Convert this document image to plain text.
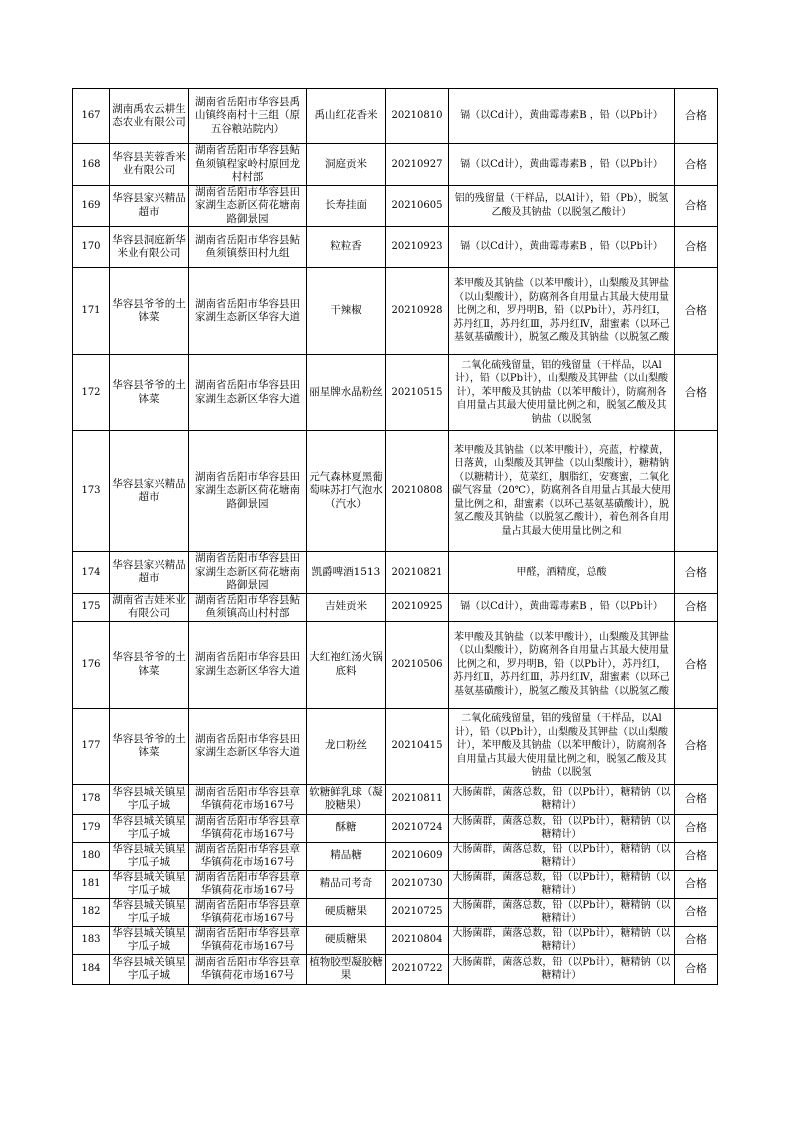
167	湖南禹农云耕生态农业有限公司	湖南省岳阳市华容县禹山镇终南村十三组（原五谷粮站院内）	禹山红花香米	20210810	镉（以Cd计），黄曲霉毒素B ，铅（以Pb计）	合格
168	华容县芙蓉香米业有限公司	湖南省岳阳市华容县鲇鱼须镇程家岭村原回龙村村部	洞庭贡米	20210927	镉（以Cd计），黄曲霉毒素B ，铅（以Pb计）	合格
169	华容县家兴精品超市	湖南省岳阳市华容县田家湖生态新区荷花塘南路御景园	长寿挂面	20210605	铝的残留量（干样品，以Al计），铅（Pb），脱氢乙酸及其钠盐（以脱氢乙酸计）	合格
170	华容县洞庭新华米业有限公司	湖南省岳阳市华容县鲇鱼须镇蔡田村九组	粒粒香	20210923	镉（以Cd计），黄曲霉毒素B ，铅（以Pb计）	合格
171	华容县爷爷的土钵菜	湖南省岳阳市华容县田家湖生态新区华容大道	干辣椒	20210928	苯甲酸及其钠盐（以苯甲酸计），山梨酸及其钾盐（以山梨酸计），防腐剂各自用量占其最大使用量比例之和，罗丹明B，铅（以Pb计），苏丹红Ⅰ，苏丹红Ⅱ，苏丹红Ⅲ，苏丹红Ⅳ，甜蜜素（以环己基氨基磺酸计），脱氢乙酸及其钠盐（以脱氢乙酸	合格
172	华容县爷爷的土钵菜	湖南省岳阳市华容县田家湖生态新区华容大道	丽星牌水晶粉丝	20210515	二氧化硫残留量，铝的残留量（干样品，以Al计），铅（以Pb计），山梨酸及其钾盐（以山梨酸计），苯甲酸及其钠盐（以苯甲酸计），防腐剂各自用量占其最大使用量比例之和，脱氢乙酸及其钠盐（以脱氢	合格
173	华容县家兴精品超市	湖南省岳阳市华容县田家湖生态新区荷花塘南路御景园	元气森林夏黑葡萄味苏打气泡水（汽水）	20210808	苯甲酸及其钠盐（以苯甲酸计），亮蓝，柠檬黄，日落黄，山梨酸及其钾盐（以山梨酸计），糖精钠（以糖精计），苋菜红，胭脂红，安赛蜜，二氧化碳气容量（20℃），防腐剂各自用量占其最大使用量比例之和，甜蜜素（以环己基氨基磺酸计），脱氢乙酸及其钠盐（以脱氢乙酸计），着色剂各自用量占其最大使用量比例之和	
174	华容县家兴精品超市	湖南省岳阳市华容县田家湖生态新区荷花塘南路御景园	凯爵啤酒1513	20210821	甲醛，酒精度，总酸	合格
175	湖南省吉娃米业有限公司	湖南省岳阳市华容县鲇鱼须镇高山村村部	吉娃贡米	20210925	镉（以Cd计），黄曲霉毒素B ，铅（以Pb计）	合格
176	华容县爷爷的土钵菜	湖南省岳阳市华容县田家湖生态新区华容大道	大红袍红汤火锅底料	20210506	苯甲酸及其钠盐（以苯甲酸计），山梨酸及其钾盐（以山梨酸计），防腐剂各自用量占其最大使用量比例之和，罗丹明B，铅（以Pb计），苏丹红Ⅰ，苏丹红Ⅱ，苏丹红Ⅲ，苏丹红Ⅳ，甜蜜素（以环己基氨基磺酸计），脱氢乙酸及其钠盐（以脱氢乙酸	合格
177	华容县爷爷的土钵菜	湖南省岳阳市华容县田家湖生态新区华容大道	龙口粉丝	20210415	二氧化硫残留量，铝的残留量（干样品，以Al计），铅（以Pb计），山梨酸及其钾盐（以山梨酸计），苯甲酸及其钠盐（以苯甲酸计），防腐剂各自用量占其最大使用量比例之和，脱氢乙酸及其钠盐（以脱氢	合格
178	华容县城关镇星宇瓜子城	湖南省岳阳市华容县章华镇荷花市场167号	软糖鲜乳球（凝胶糖果）	20210811	大肠菌群，菌落总数，铅（以Pb计），糖精钠（以糖精计）	合格
179	华容县城关镇星宇瓜子城	湖南省岳阳市华容县章华镇荷花市场167号	酥糖	20210724	大肠菌群，菌落总数，铅（以Pb计），糖精钠（以糖精计）	合格
180	华容县城关镇星宇瓜子城	湖南省岳阳市华容县章华镇荷花市场167号	精品糖	20210609	大肠菌群，菌落总数，铅（以Pb计），糖精钠（以糖精计）	合格
181	华容县城关镇星宇瓜子城	湖南省岳阳市华容县章华镇荷花市场167号	精品司考奇	20210730	大肠菌群，菌落总数，铅（以Pb计），糖精钠（以糖精计）	合格
182	华容县城关镇星宇瓜子城	湖南省岳阳市华容县章华镇荷花市场167号	硬质糖果	20210725	大肠菌群，菌落总数，铅（以Pb计），糖精钠（以糖精计）	合格
183	华容县城关镇星宇瓜子城	湖南省岳阳市华容县章华镇荷花市场167号	硬质糖果	20210804	大肠菌群，菌落总数，铅（以Pb计），糖精钠（以糖精计）	合格
184	华容县城关镇星宇瓜子城	湖南省岳阳市华容县章华镇荷花市场167号	植物胶型凝胶糖果	20210722	大肠菌群，菌落总数，铅（以Pb计），糖精钠（以糖精计）	合格
